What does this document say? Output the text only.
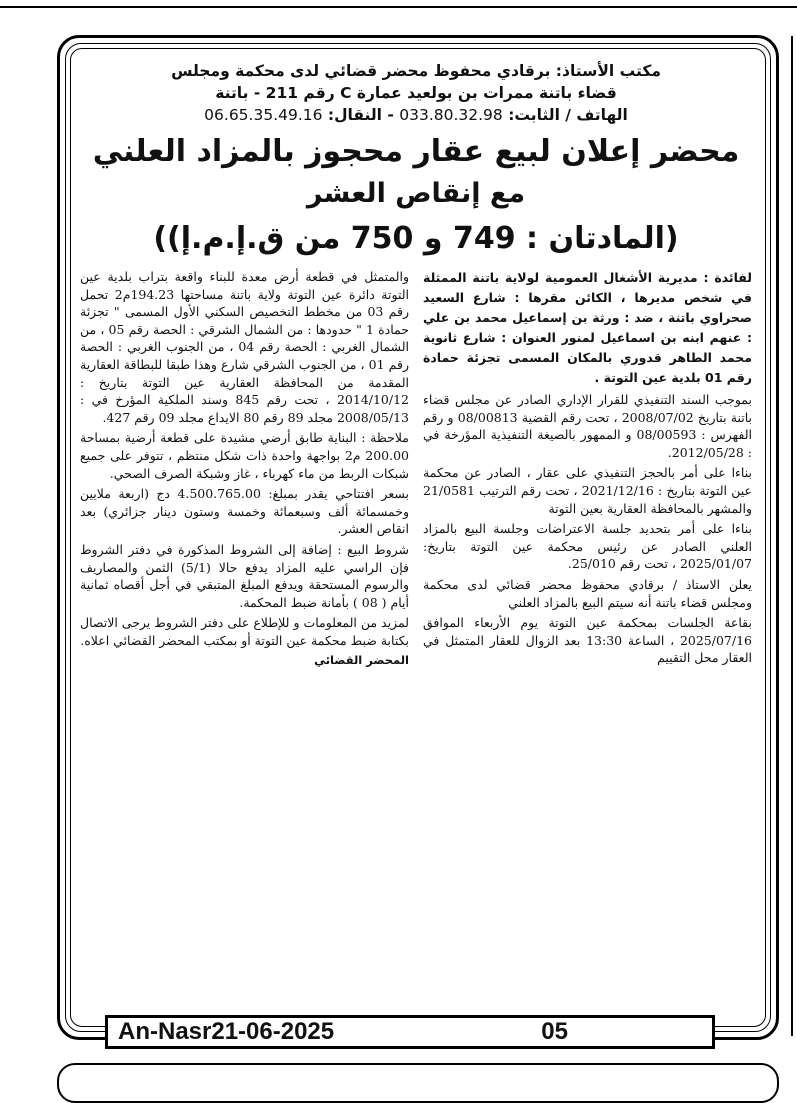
مكتب الأستاذ: برقادي محفوظ محضر قضائي لدى محكمة ومجلس

قضاء باتنة ممرات بن بولعيد عمارة C رقم 211 - باتنة

الهاتف / الثابت: 033.80.32.98 - النقال: 06.65.35.49.16

محضر إعلان لبيع عقار محجوز بالمزاد العلني
مع إنقاص العشر
(المادتان : 749 و 750 من ق.إ.م.إ))

لفائدة : مديرية الأشغال العمومية لولاية باتنة الممثلة في شخص مديرها ، الكائن مقرها : شارع السعيد صحراوي باتنة ، ضد : ورثة بن إسماعيل محمد بن علي : عنهم ابنه بن اسماعيل لمنور العنوان : شارع ثانوية محمد الطاهر قدوري بالمكان المسمى تجزئة حمادة رقم 01 بلدية عين التوتة .

بموجب السند التنفيذي للقرار الإداري الصادر عن مجلس قضاء باتنة بتاريخ 2008/07/02 ، تحت رقم القضية 08/00813 و رقم الفهرس : 08/00593 و الممهور بالصيغة التنفيذية المؤرخة في : 2012/05/28.

بناءا على أمر بالحجز التنفيذي على عقار ، الصادر عن محكمة عين التوتة بتاريخ : 2021/12/16 ، تحت رقم الترتيب 21/0581 والمشهر بالمحافظة العقارية بعين التوتة

بناءا على أمر بتحديد جلسة الاعتراضات وجلسة البيع بالمزاد العلني الصادر عن رئيس محكمة عين التوتة بتاريخ: 2025/01/07 ، تحت رقم 25/010.

يعلن الاستاذ / برقادي محفوظ محضر قضائي لدى محكمة ومجلس قضاء باتنة أنه سيتم البيع بالمزاد العلني

بقاعة الجلسات بمحكمة عين التوتة يوم الأربعاء الموافق 2025/07/16 ، الساعة 13:30 بعد الزوال للعقار المتمثل في العقار محل التقييم

والمتمثل في قطعة أرض معدة للبناء واقعة بتراب بلدية عين التوتة دائرة عين التوتة ولاية باتنة مساحتها 194.23م2 تحمل رقم 03 من مخطط التخصيص السكني الأول المسمى " تجزئة حمادة 1 " حدودها : من الشمال الشرقي : الحصة رقم 05 ، من الشمال الغربي : الحصة رقم 04 ، من الجنوب الغربي : الحصة رقم 01 ، من الجنوب الشرقي شارع وهذا طبقا للبطاقة العقارية المقدمة من المحافظة العقارية عين التوتة بتاريخ : 2014/10/12 ، تحت رقم 845 وسند الملكية المؤرخ في : 2008/05/13 مجلد 89 رقم 80 الايداع مجلد 09 رقم 427.

ملاحظة : البناية طابق أرضي مشيدة على قطعة أرضية بمساحة 200.00 م2 بواجهة واحدة ذات شكل منتظم ، تتوفر على جميع شبكات الربط من ماء كهرباء ، غاز وشبكة الصرف الصحي.

بسعر افتتاحي يقدر بمبلغ: 4.500.765.00 دج (اربعة ملايين وخمسمائة ألف وسبعمائة وخمسة وستون دينار جزائري) بعد انقاص العشر.

شروط البيع : إضافة إلى الشروط المذكورة في دفتر الشروط فإن الراسي عليه المزاد يدفع حالا (5/1) الثمن والمصاريف والرسوم المستحقة ويدفع المبلغ المتبقي في أجل أقصاه ثمانية أيام ( 08 ) بأمانة ضبط المحكمة.

لمزيد من المعلومات و للإطلاع على دفتر الشروط يرجى الاتصال بكتابة ضبط محكمة عين التوتة أو بمكتب المحضر القضائي اعلاه.

المحضر القضائي
An-Nasr21-06-2025	05
